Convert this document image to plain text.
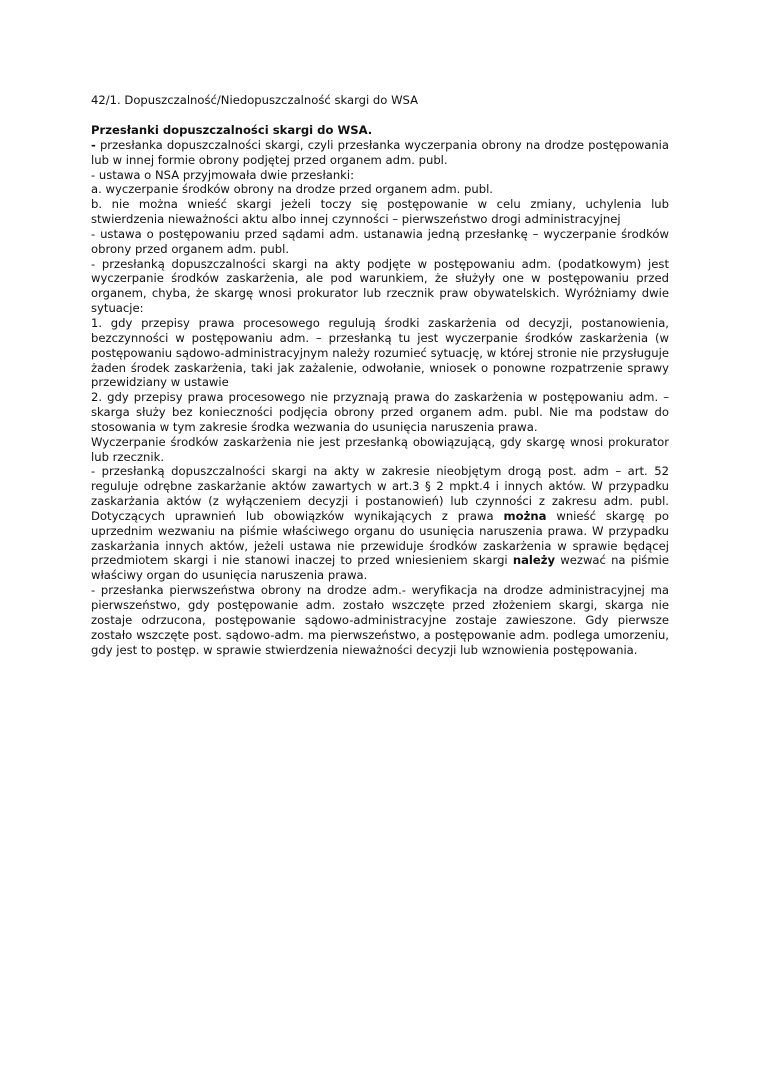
42/1. Dopuszczalność/Niedopuszczalność skargi do WSA

Przesłanki dopuszczalności skargi do WSA.

- przesłanka dopuszczalności skargi, czyli przesłanka wyczerpania obrony na drodze postępowania lub w innej formie obrony podjętej przed organem adm. publ.

- ustawa o NSA przyjmowała dwie przesłanki:

a. wyczerpanie środków obrony na drodze przed organem adm. publ.

b. nie można wnieść skargi jeżeli toczy się postępowanie w celu zmiany, uchylenia lub stwierdzenia nieważności aktu albo innej czynności – pierwszeństwo drogi administracyjnej

- ustawa o postępowaniu przed sądami adm. ustanawia jedną przesłankę – wyczerpanie środków obrony przed organem adm. publ.

- przesłanką dopuszczalności skargi na akty podjęte w postępowaniu adm. (podatkowym) jest wyczerpanie środków zaskarżenia, ale pod warunkiem, że służyły one w postępowaniu przed organem, chyba, że skargę wnosi prokurator lub rzecznik praw obywatelskich. Wyróżniamy dwie sytuacje:

1. gdy przepisy prawa procesowego regulują środki zaskarżenia od decyzji, postanowienia, bezczynności w postępowaniu adm. – przesłanką tu jest wyczerpanie środków zaskarżenia (w postępowaniu sądowo-administracyjnym należy rozumieć sytuację, w której stronie nie przysługuje żaden środek zaskarżenia, taki jak zażalenie, odwołanie, wniosek o ponowne rozpatrzenie sprawy przewidziany w ustawie

2. gdy przepisy prawa procesowego nie przyznają prawa do zaskarżenia w postępowaniu adm. – skarga służy bez konieczności podjęcia obrony przed organem adm. publ. Nie ma podstaw do stosowania w tym zakresie środka wezwania do usunięcia naruszenia prawa.

Wyczerpanie środków zaskarżenia nie jest przesłanką obowiązującą, gdy skargę wnosi prokurator lub rzecznik.

- przesłanką dopuszczalności skargi na akty w zakresie nieobjętym drogą post. adm – art. 52 reguluje odrębne zaskarżanie aktów zawartych w art.3 § 2 mpkt.4 i innych aktów. W przypadku zaskarżania aktów (z wyłączeniem decyzji i postanowień) lub czynności z zakresu adm. publ. Dotyczących uprawnień lub obowiązków wynikających z prawa można wnieść skargę po uprzednim wezwaniu na piśmie właściwego organu do usunięcia naruszenia prawa. W przypadku zaskarżania innych aktów, jeżeli ustawa nie przewiduje środków zaskarżenia w sprawie będącej przedmiotem skargi i nie stanowi inaczej to przed wniesieniem skargi należy wezwać na piśmie właściwy organ do usunięcia naruszenia prawa.

- przesłanka pierwszeństwa obrony na drodze adm.- weryfikacja na drodze administracyjnej ma pierwszeństwo, gdy postępowanie adm. zostało wszczęte przed złożeniem skargi, skarga nie zostaje odrzucona, postępowanie sądowo-administracyjne zostaje zawieszone. Gdy pierwsze zostało wszczęte post. sądowo-adm. ma pierwszeństwo, a postępowanie adm. podlega umorzeniu, gdy jest to postęp. w sprawie stwierdzenia nieważności decyzji lub wznowienia postępowania.
